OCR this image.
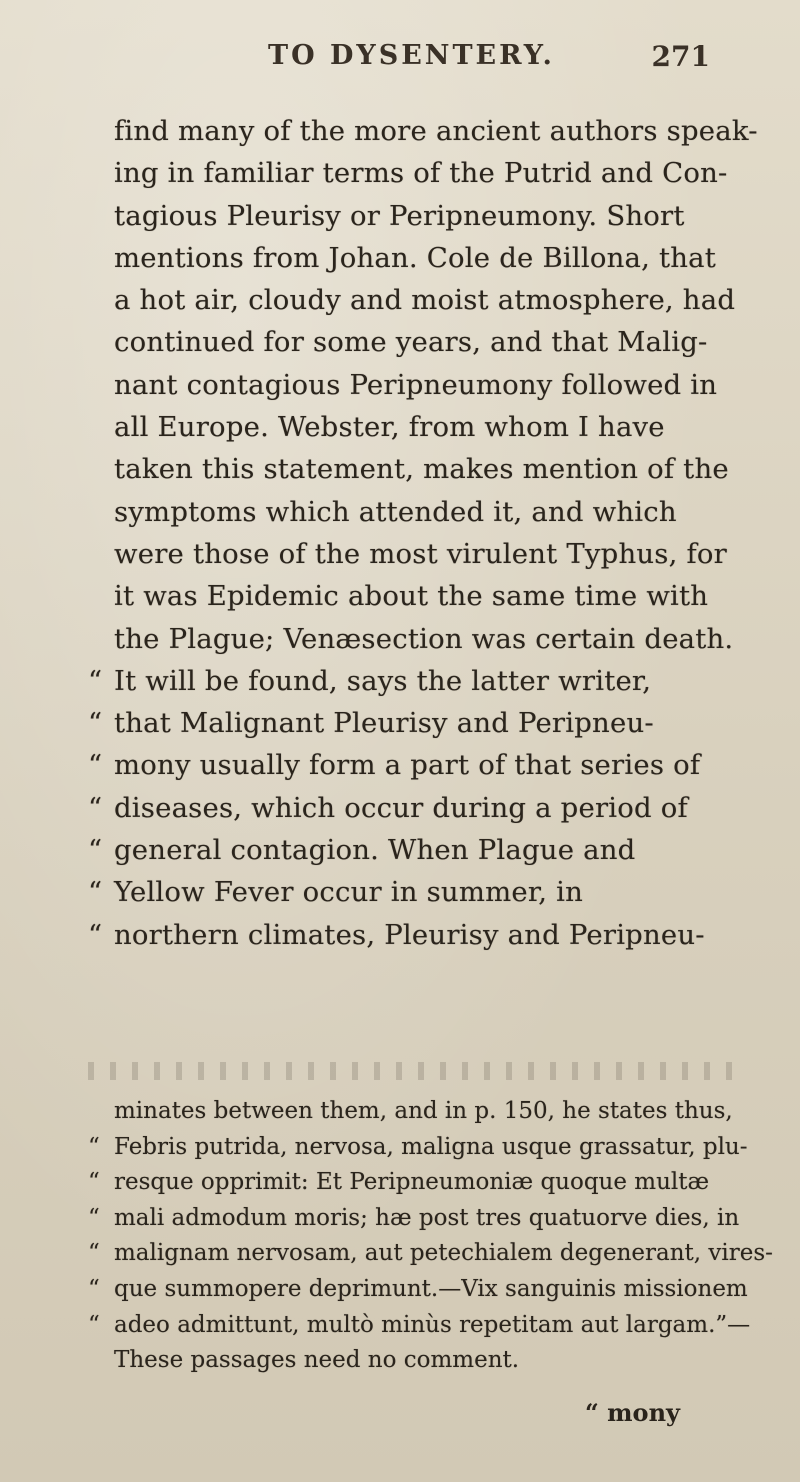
TO DYSENTERY.	271
find many of the more ancient authors speak-
ing in familiar terms of the Putrid and Con-
tagious Pleurisy or Peripneumony. Short
mentions from Johan. Cole de Billona, that
a hot air, cloudy and moist atmosphere, had
continued for some years, and that Malig-
nant contagious Peripneumony followed in
all Europe. Webster, from whom I have
taken this statement, makes mention of the
symptoms which attended it, and which
were those of the most virulent Typhus, for
it was Epidemic about the same time with
the Plague; Venæsection was certain death.
“ It will be found, says the latter writer,
“ that Malignant Pleurisy and Peripneu-
“ mony usually form a part of that series of
“ diseases, which occur during a period of
“ general contagion. When Plague and
“ Yellow Fever occur in summer, in
“ northern climates, Pleurisy and Peripneu-
minates between them, and in p. 150, he states thus,
“ Febris putrida, nervosa, maligna usque grassatur, plu-
“ resque opprimit: Et Peripneumoniæ quoque multæ
“ mali admodum moris; hæ post tres quatuorve dies, in
“ malignam nervosam, aut petechialem degenerant, vires-
“ que summopere deprimunt.—Vix sanguinis missionem
“ adeo admittunt, multò minùs repetitam aut largam.”—
These passages need no comment.
“ mony
